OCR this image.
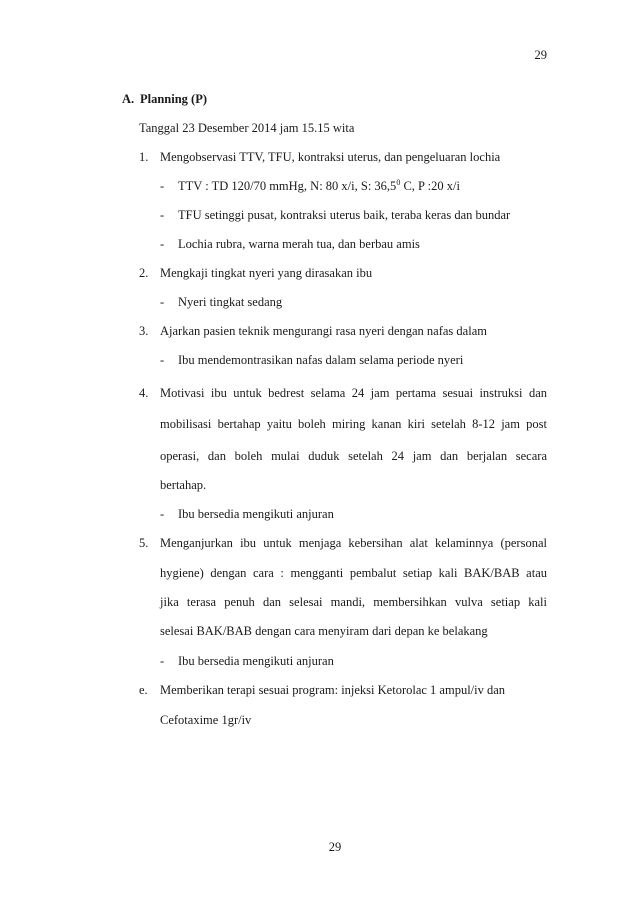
29
A. Planning (P)
Tanggal 23 Desember 2014 jam 15.15 wita
1. Mengobservasi TTV, TFU, kontraksi uterus, dan pengeluaran lochia
- TTV : TD 120/70 mmHg, N: 80 x/i, S: 36,5$^0$ C, P :20 x/i
- TFU setinggi pusat, kontraksi uterus baik, teraba keras dan bundar
- Lochia rubra, warna merah tua, dan berbau amis
2. Mengkaji tingkat nyeri yang dirasakan ibu
- Nyeri tingkat sedang
3. Ajarkan pasien teknik mengurangi rasa nyeri dengan nafas dalam
- Ibu mendemontrasikan nafas dalam selama periode nyeri
4. Motivasi ibu untuk bedrest selama 24 jam pertama sesuai instruksi dan
mobilisasi bertahap yaitu boleh miring kanan kiri setelah 8-12 jam post
operasi, dan boleh mulai duduk setelah 24 jam dan berjalan secara
bertahap.
- Ibu bersedia mengikuti anjuran
5. Menganjurkan ibu untuk menjaga kebersihan alat kelaminnya (personal
hygiene) dengan cara : mengganti pembalut setiap kali BAK/BAB atau
jika terasa penuh dan selesai mandi, membersihkan vulva setiap kali
selesai BAK/BAB dengan cara menyiram dari depan ke belakang
- Ibu bersedia mengikuti anjuran
e. Memberikan terapi sesuai program: injeksi Ketorolac 1 ampul/iv dan
Cefotaxime 1gr/iv
29
